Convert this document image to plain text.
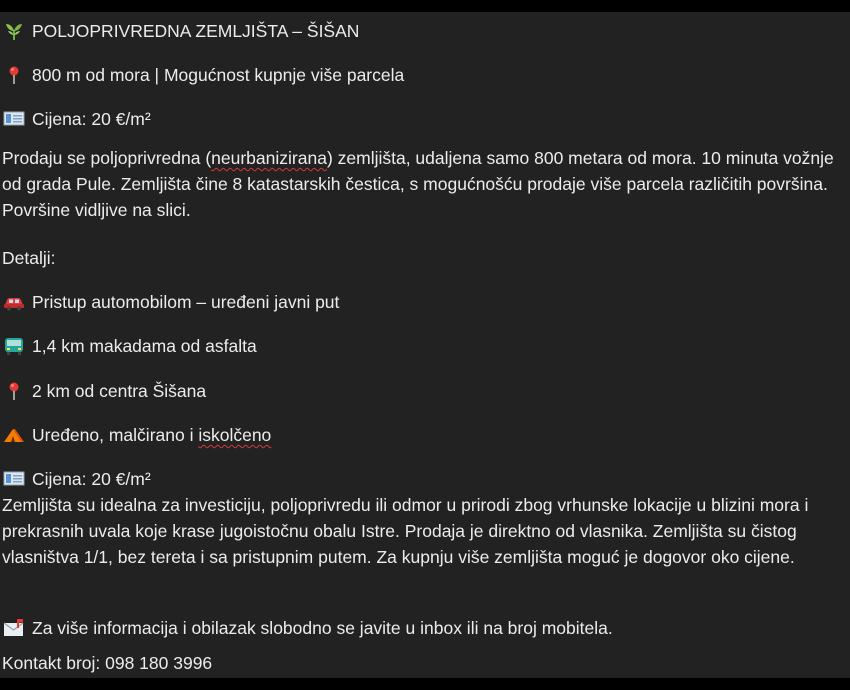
POLJOPRIVREDNA ZEMLJIŠTA – ŠIŠAN
800 m od mora | Mogućnost kupnje više parcela
Cijena: 20 €/m²
Prodaju se poljoprivredna (neurbanizirana) zemljišta, udaljena samo 800 metara od mora. 10 minuta vožnje od grada Pule. Zemljišta čine 8 katastarskih čestica, s mogućnošću prodaje više parcela različitih površina. Površine vidljive na slici.
Detalji:
Pristup automobilom – uređeni javni put
1,4 km makadama od asfalta
2 km od centra Šišana
Uređeno, malčirano i iskolčeno
Cijena: 20 €/m²
Zemljišta su idealna za investiciju, poljoprivredu ili odmor u prirodi zbog vrhunske lokacije u blizini mora i prekrasnih uvala koje krase jugoistočnu obalu Istre. Prodaja je direktno od vlasnika. Zemljišta su čistog vlasništva 1/1, bez tereta i sa pristupnim putem. Za kupnju više zemljišta moguć je dogovor oko cijene.
Za više informacija i obilazak slobodno se javite u inbox ili na broj mobitela.
Kontakt broj: 098 180 3996
